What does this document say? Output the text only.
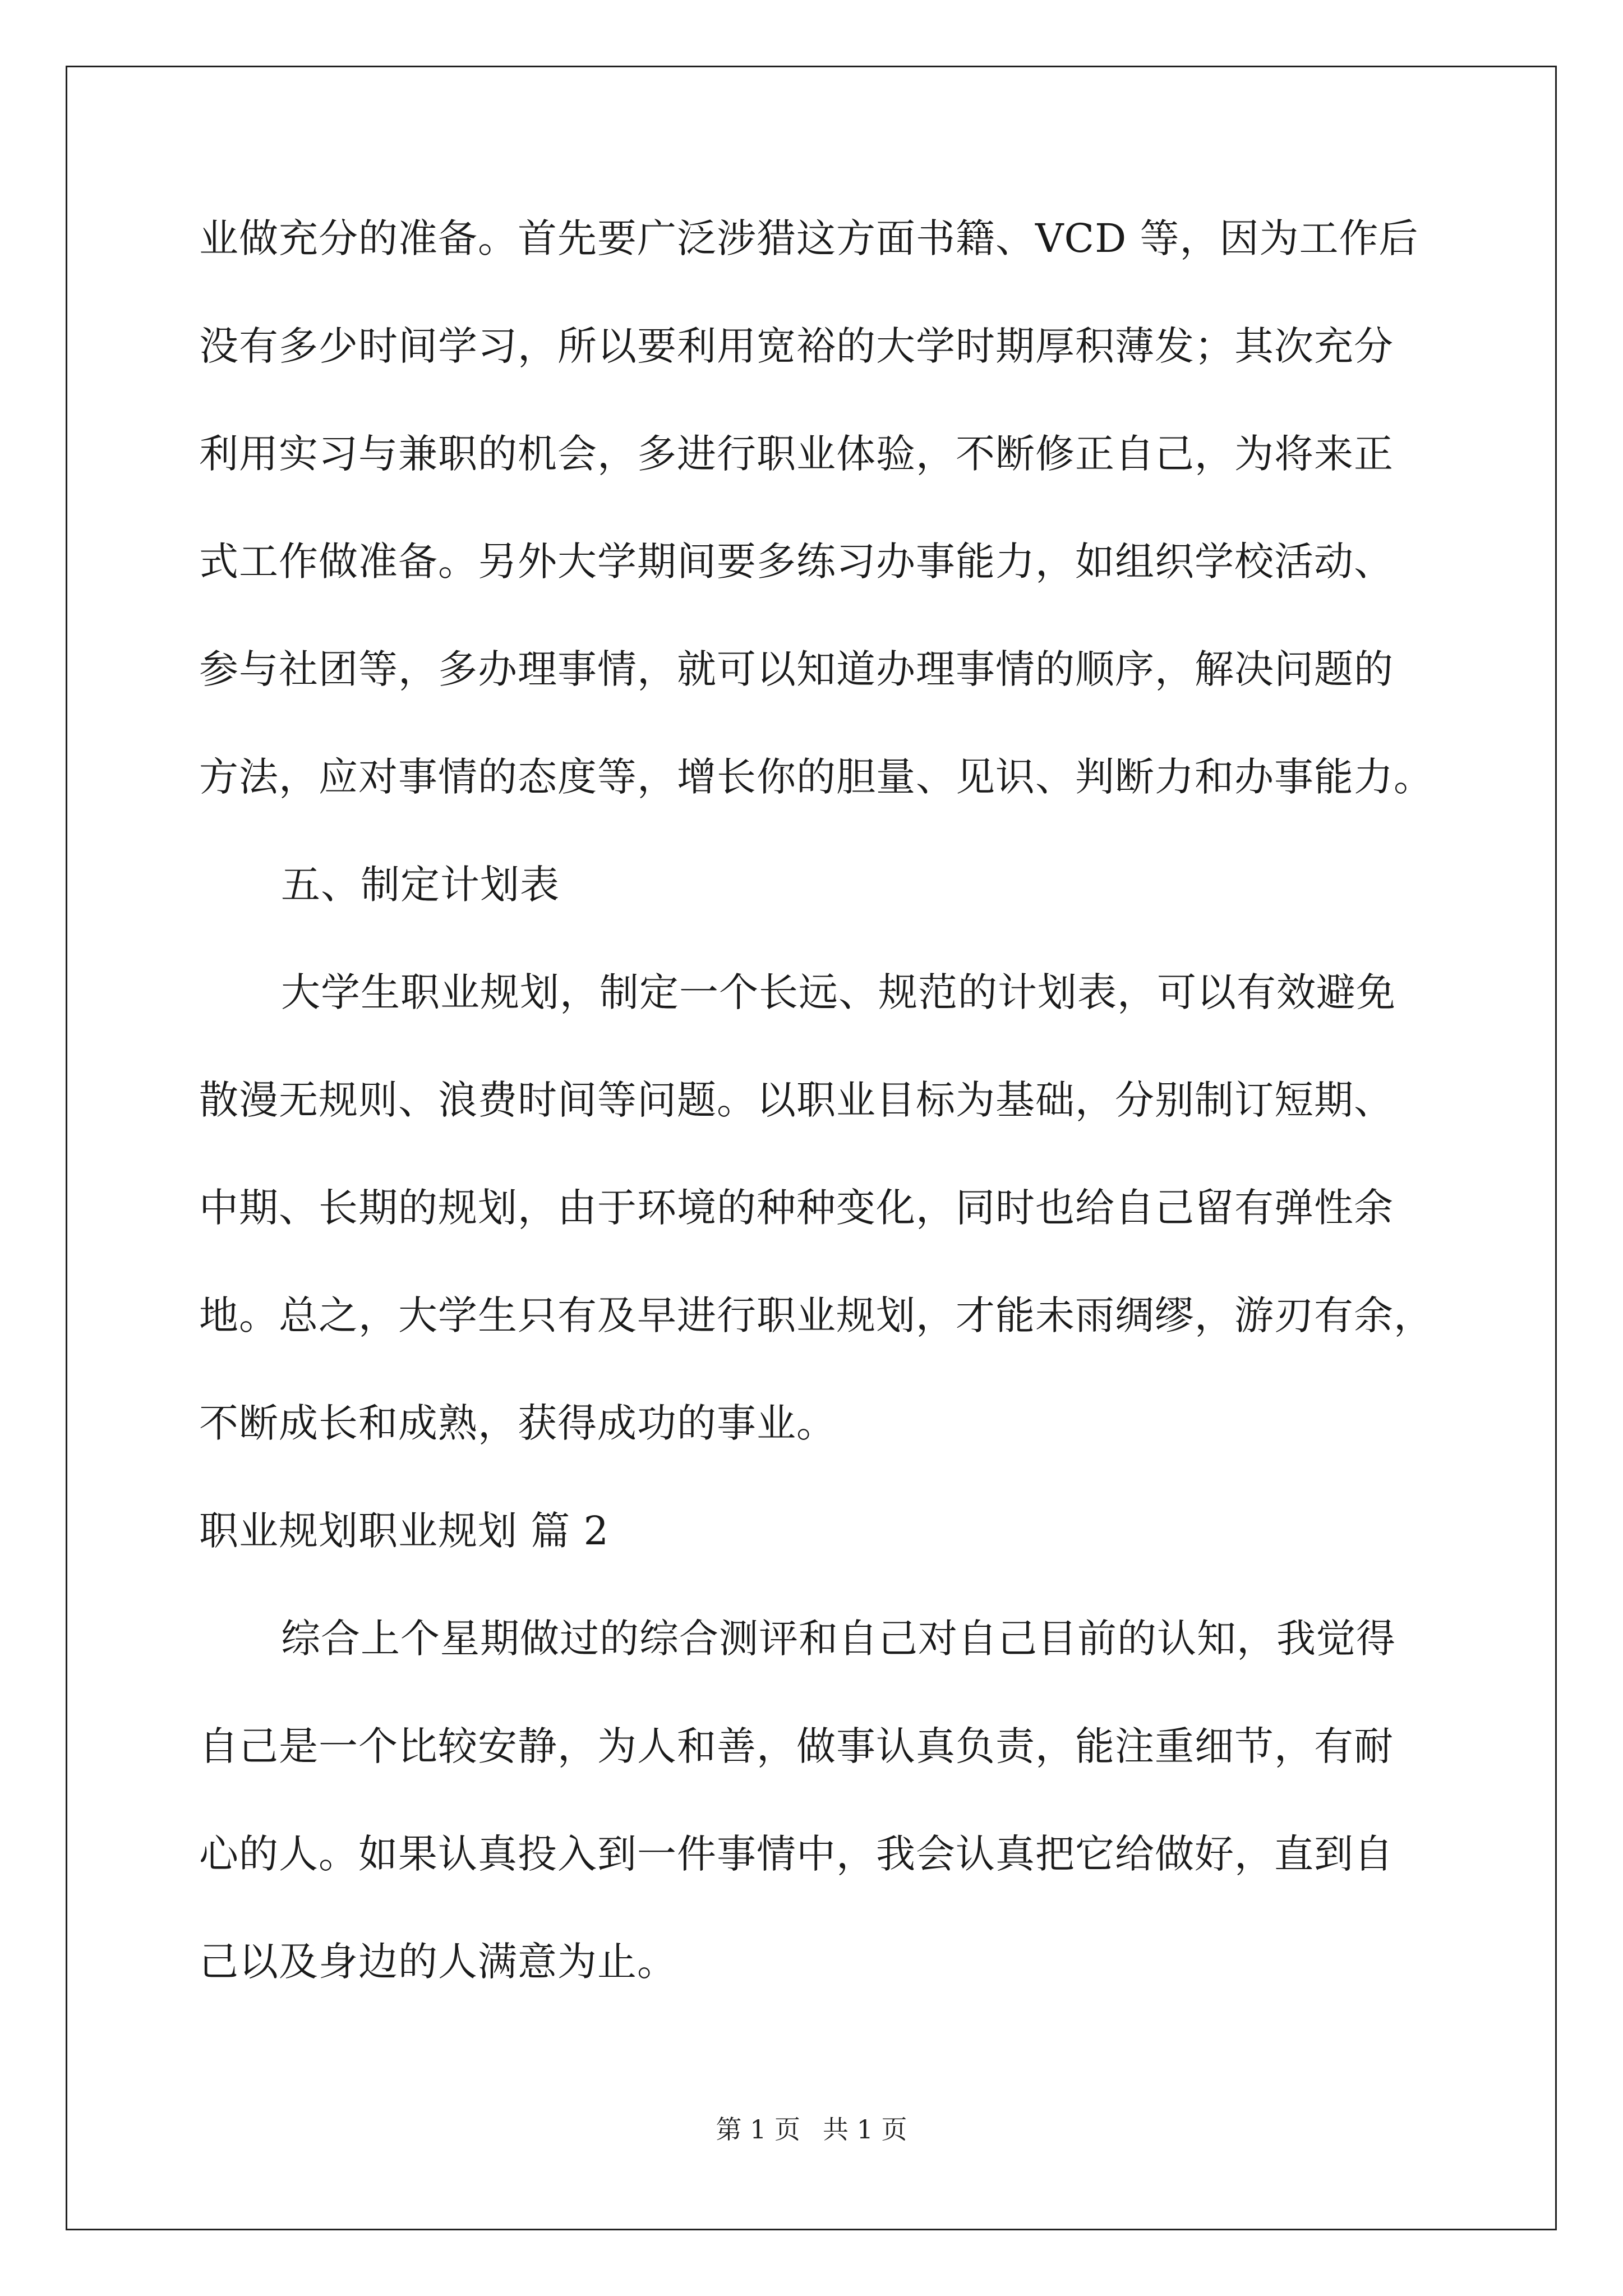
业做充分的准备。首先要广泛涉猎这方面书籍、VCD 等，因为工作后
没有多少时间学习，所以要利用宽裕的大学时期厚积薄发；其次充分
利用实习与兼职的机会，多进行职业体验，不断修正自己，为将来正
式工作做准备。另外大学期间要多练习办事能力，如组织学校活动、
参与社团等，多办理事情，就可以知道办理事情的顺序，解决问题的
方法，应对事情的态度等，增长你的胆量、见识、判断力和办事能力。
五、制定计划表
大学生职业规划，制定一个长远、规范的计划表，可以有效避免
散漫无规则、浪费时间等问题。以职业目标为基础，分别制订短期、
中期、长期的规划，由于环境的种种变化，同时也给自己留有弹性余
地。总之，大学生只有及早进行职业规划，才能未雨绸缪，游刃有余，
不断成长和成熟，获得成功的事业。
职业规划职业规划 篇 2
综合上个星期做过的综合测评和自己对自己目前的认知，我觉得
自己是一个比较安静，为人和善，做事认真负责，能注重细节，有耐
心的人。如果认真投入到一件事情中，我会认真把它给做好，直到自
己以及身边的人满意为止。
第 1 页 共 1 页
